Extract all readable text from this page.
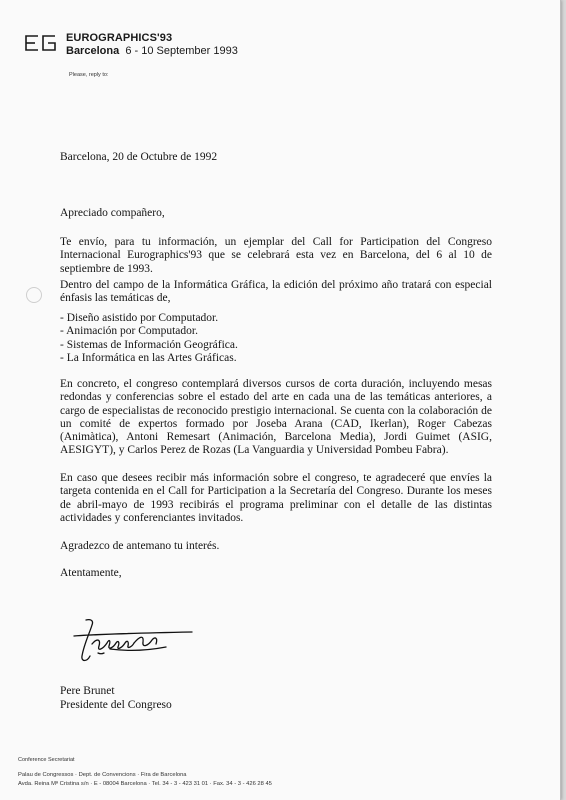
EUROGRAPHICS'93
Barcelona 6 - 10 September 1993
Please, reply to:
Barcelona, 20 de Octubre de 1992
Apreciado compañero,
Te envío, para tu información, un ejemplar del Call for Participation del Congreso Internacional Eurographics'93 que se celebrará esta vez en Barcelona, del 6 al 10 de septiembre de 1993.
Dentro del campo de la Informática Gráfica, la edición del próximo año tratará con especial énfasis las temáticas de,
- Diseño asistido por Computador.
- Animación por Computador.
- Sistemas de Información Geográfica.
- La Informática en las Artes Gráficas.
En concreto, el congreso contemplará diversos cursos de corta duración, incluyendo mesas redondas y conferencias sobre el estado del arte en cada una de las temáticas anteriores, a cargo de especialistas de reconocido prestigio internacional. Se cuenta con la colaboración de un comité de expertos formado por Joseba Arana (CAD, Ikerlan), Roger Cabezas (Animàtica), Antoni Remesart (Animación, Barcelona Media), Jordi Guimet (ASIG, AESIGYT), y Carlos Perez de Rozas (La Vanguardia y Universidad Pombeu Fabra).
En caso que desees recibir más información sobre el congreso, te agradeceré que envíes la targeta contenida en el Call for Participation a la Secretaría del Congreso. Durante los meses de abril-mayo de 1993 recibirás el programa preliminar con el detalle de las distintas actividades y conferenciantes invitados.
Agradezco de antemano tu interés.
Atentamente,
Pere Brunet
Presidente del Congreso
Conference Secretariat
Palau de Congressos · Dept. de Convencions · Fira de Barcelona
Avda. Reina Mª Cristina s/n · E - 08004 Barcelona · Tel. 34 - 3 - 423 31 01 · Fax. 34 - 3 - 426 28 45
